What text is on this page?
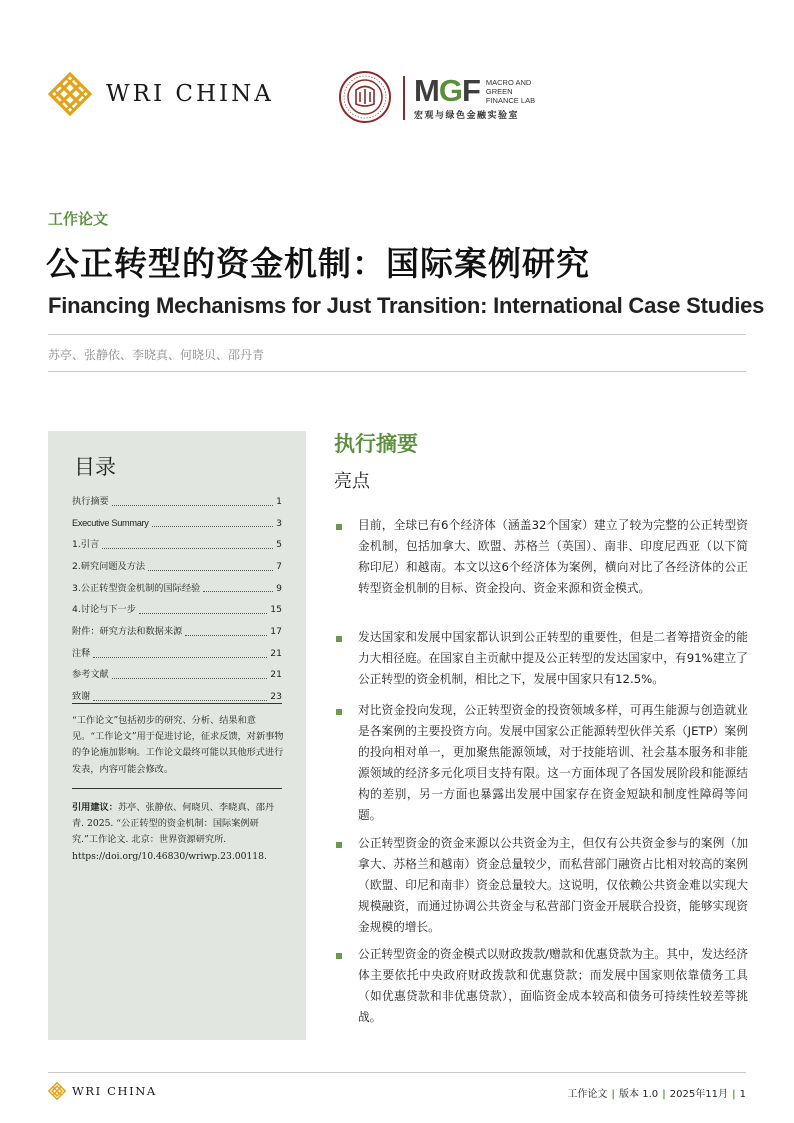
WRI CHINA	MGF MACRO AND
GREEN
FINANCE LAB
宏观与绿色金融实验室
工作论文
公正转型的资金机制：国际案例研究
Financing Mechanisms for Just Transition: International Case Studies
苏亭、张静依、李晓真、何晓贝、邵丹青
目录
执行摘要	1
Executive Summary	3
1.引言	5
2.研究问题及方法	7
3.公正转型资金机制的国际经验	9
4.讨论与下一步	15
附件：研究方法和数据来源	17
注释	21
参考文献	21
致谢	23
“工作论文”包括初步的研究、分析、结果和意见。“工作论文”用于促进讨论，征求反馈，对新事物的争论施加影响。工作论文最终可能以其他形式进行发表，内容可能会修改。
引用建议：苏亭、张静依、何晓贝、李晓真、邵丹青. 2025. “公正转型的资金机制：国际案例研究.”工作论文. 北京：世界资源研究所. https://doi.org/10.46830/wriwp.23.00118.
执行摘要
亮点
目前，全球已有6个经济体（涵盖32个国家）建立了较为完整的公正转型资金机制，包括加拿大、欧盟、苏格兰（英国）、南非、印度尼西亚（以下简称印尼）和越南。本文以这6个经济体为案例，横向对比了各经济体的公正转型资金机制的目标、资金投向、资金来源和资金模式。
发达国家和发展中国家都认识到公正转型的重要性，但是二者筹措资金的能力大相径庭。在国家自主贡献中提及公正转型的发达国家中，有91%建立了公正转型的资金机制，相比之下，发展中国家只有12.5%。
对比资金投向发现，公正转型资金的投资领域多样，可再生能源与创造就业是各案例的主要投资方向。发展中国家公正能源转型伙伴关系（JETP）案例的投向相对单一，更加聚焦能源领域，对于技能培训、社会基本服务和非能源领域的经济多元化项目支持有限。这一方面体现了各国发展阶段和能源结构的差别，另一方面也暴露出发展中国家存在资金短缺和制度性障碍等问题。
公正转型资金的资金来源以公共资金为主，但仅有公共资金参与的案例（加拿大、苏格兰和越南）资金总量较少，而私营部门融资占比相对较高的案例（欧盟、印尼和南非）资金总量较大。这说明，仅依赖公共资金难以实现大规模融资，而通过协调公共资金与私营部门资金开展联合投资，能够实现资金规模的增长。
公正转型资金的资金模式以财政拨款/赠款和优惠贷款为主。其中，发达经济体主要依托中央政府财政拨款和优惠贷款；而发展中国家则依靠债务工具（如优惠贷款和非优惠贷款），面临资金成本较高和债务可持续性较差等挑战。
WRI CHINA	工作论文 | 版本 1.0 | 2025年11月 | 1
